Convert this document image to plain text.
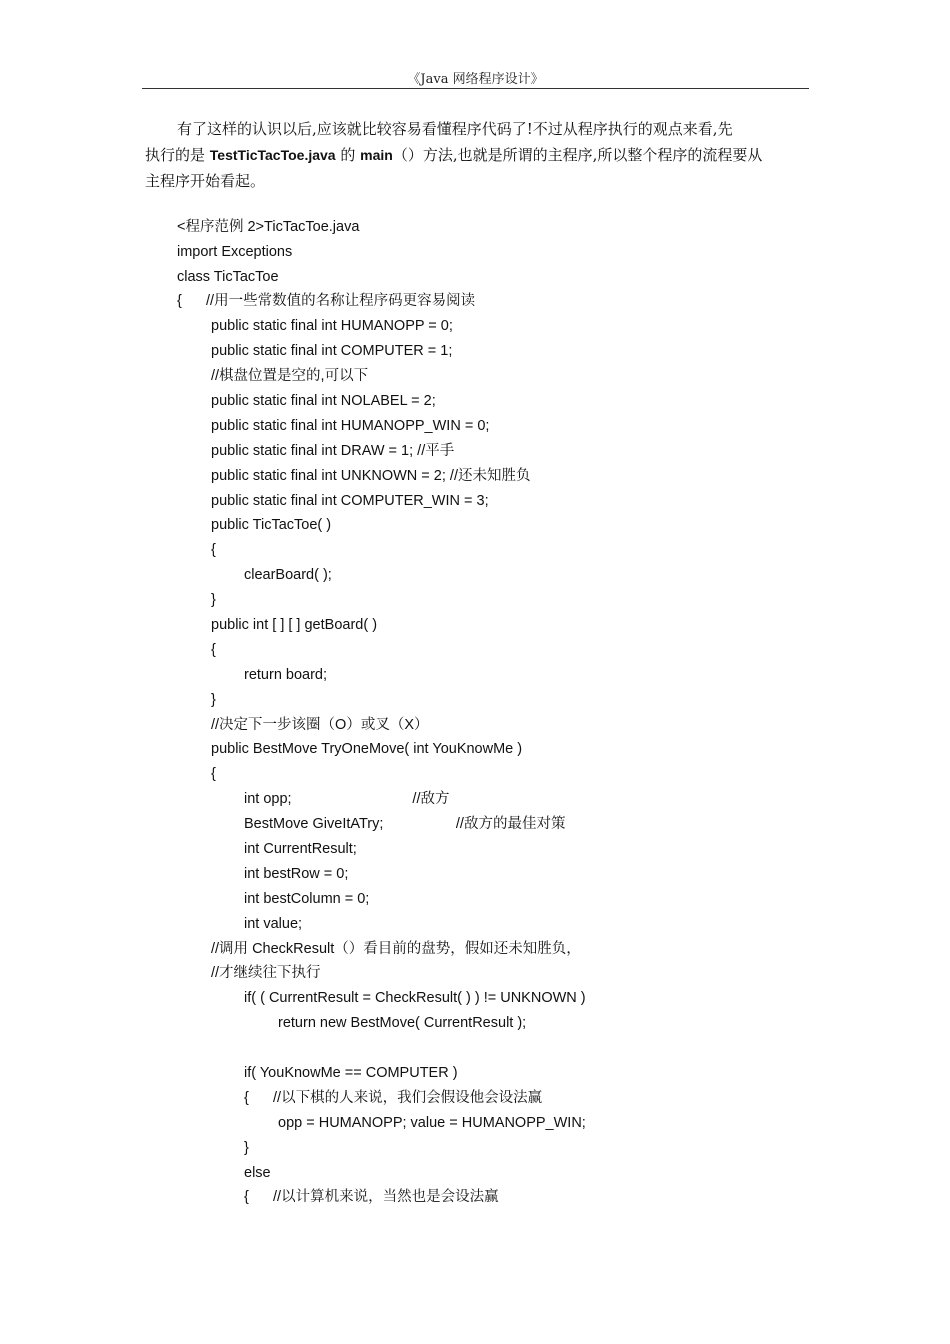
《Java 网络程序设计》
有了这样的认识以后,应该就比较容易看懂程序代码了!不过从程序执行的观点来看,先
执行的是 TestTicTacToe.java 的 main（）方法,也就是所谓的主程序,所以整个程序的流程要从
主程序开始看起。
<程序范例 2>TicTacToe.java
import Exceptions
class TicTacToe
{      //用一些常数值的名称让程序码更容易阅读
public static final int HUMANOPP = 0;
public static final int COMPUTER = 1;
//棋盘位置是空的,可以下
public static final int NOLABEL = 2;
public static final int HUMANOPP_WIN = 0;
public static final int DRAW = 1; //平手
public static final int UNKNOWN = 2; //还未知胜负
public static final int COMPUTER_WIN = 3;
public TicTacToe( )
{
clearBoard( );
}
public int [ ] [ ] getBoard( )
{
return board;
}
//决定下一步该圈（O）或叉（X）
public BestMove TryOneMove( int YouKnowMe )
{
int opp;                              //敌方
BestMove GiveItATry;                  //敌方的最佳对策
int CurrentResult;
int bestRow = 0;
int bestColumn = 0;
int value;
//调用 CheckResult（）看目前的盘势，假如还未知胜负，
//才继续往下执行
if( ( CurrentResult = CheckResult( ) ) != UNKNOWN )
return new BestMove( CurrentResult );
if( YouKnowMe == COMPUTER )
{      //以下棋的人来说，我们会假设他会设法赢
opp = HUMANOPP; value = HUMANOPP_WIN;
}
else
{      //以计算机来说，当然也是会设法赢
